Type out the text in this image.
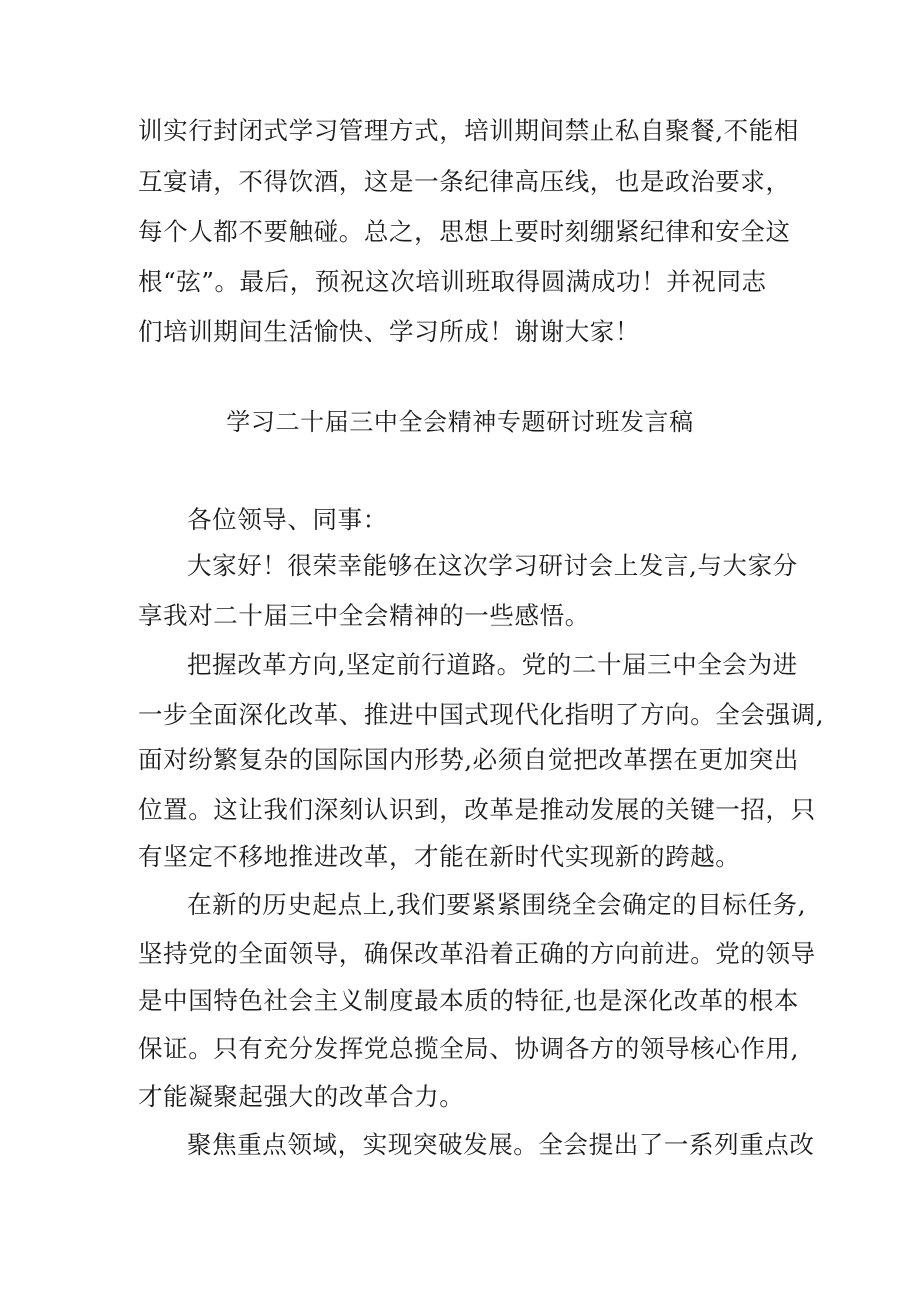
训实行封闭式学习管理方式，培训期间禁止私自聚餐,不能相
互宴请，不得饮酒，这是一条纪律高压线，也是政治要求，
每个人都不要触碰。总之，思想上要时刻绷紧纪律和安全这
根“弦”。最后，预祝这次培训班取得圆满成功！并祝同志
们培训期间生活愉快、学习所成！谢谢大家！
学习二十届三中全会精神专题研讨班发言稿
各位领导、同事：
大家好！很荣幸能够在这次学习研讨会上发言,与大家分
享我对二十届三中全会精神的一些感悟。
把握改革方向,坚定前行道路。党的二十届三中全会为进
一步全面深化改革、推进中国式现代化指明了方向。全会强调,
面对纷繁复杂的国际国内形势,必须自觉把改革摆在更加突出
位置。这让我们深刻认识到，改革是推动发展的关键一招，只
有坚定不移地推进改革，才能在新时代实现新的跨越。
在新的历史起点上,我们要紧紧围绕全会确定的目标任务,
坚持党的全面领导，确保改革沿着正确的方向前进。党的领导
是中国特色社会主义制度最本质的特征,也是深化改革的根本
保证。只有充分发挥党总揽全局、协调各方的领导核心作用,
才能凝聚起强大的改革合力。
聚焦重点领域，实现突破发展。全会提出了一系列重点改
